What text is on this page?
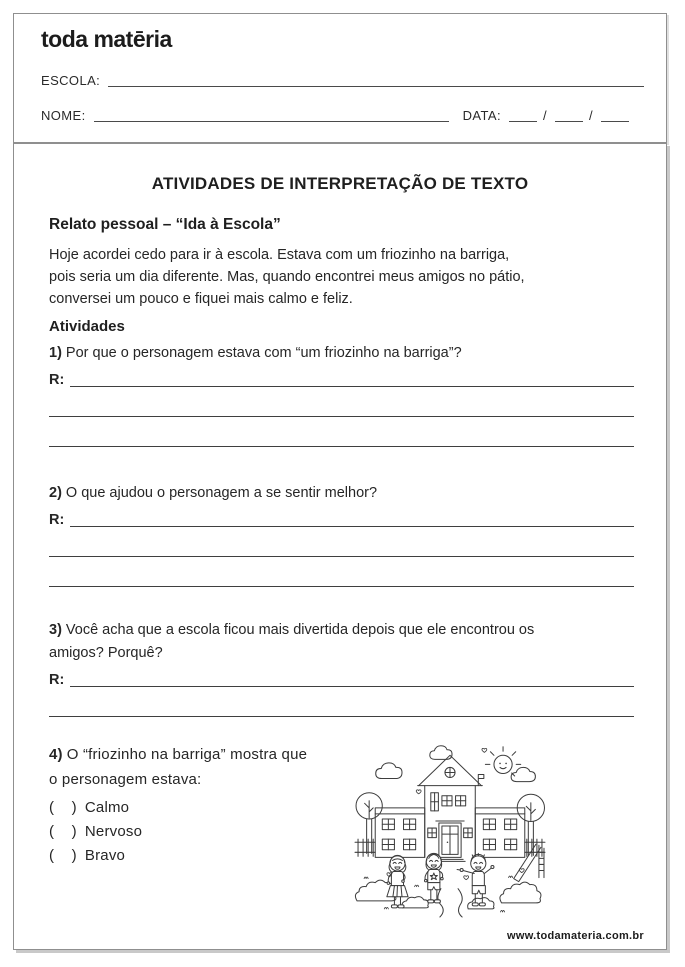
toda matēria
ESCOLA:
NOME:	DATA:	/	/
ATIVIDADES DE INTERPRETAÇÃO DE TEXTO
Relato pessoal – “Ida à Escola”
Hoje acordei cedo para ir à escola. Estava com um friozinho na barriga,
pois seria um dia diferente. Mas, quando encontrei meus amigos no pátio,
conversei um pouco e fiquei mais calmo e feliz.
Atividades
1) Por que o personagem estava com “um friozinho na barriga”?
R:
2) O que ajudou o personagem a se sentir melhor?
R:
3) Você acha que a escola ficou mais divertida depois que ele encontrou os
amigos? Porquê?
R:
4) O “friozinho na barriga” mostra que
o personagem estava:
(    ) Calmo
(    ) Nervoso
(    ) Bravo
www.todamateria.com.br
